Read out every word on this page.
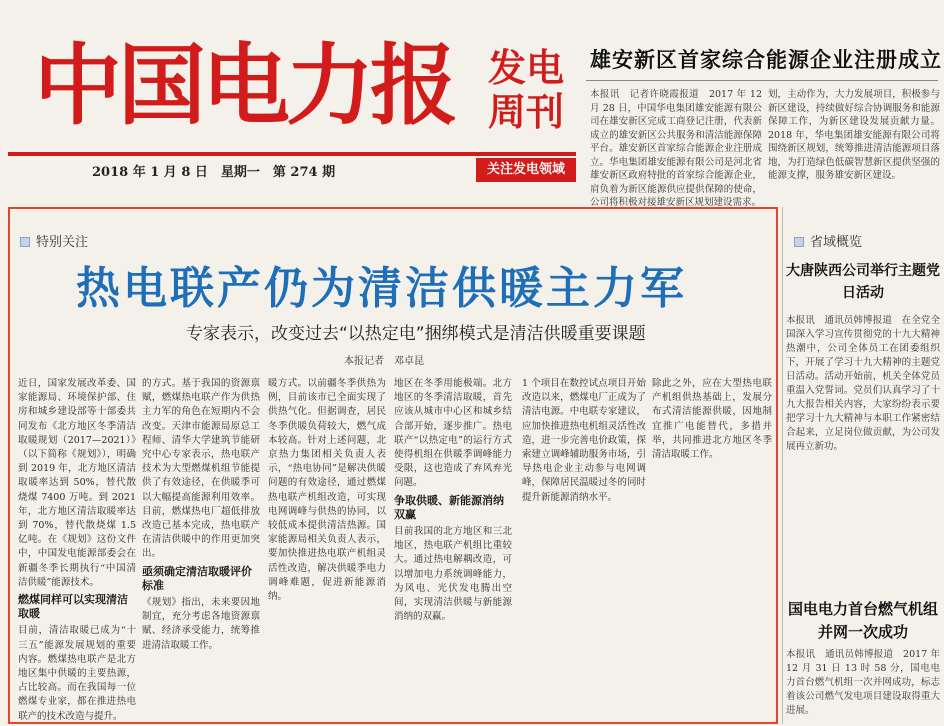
中国电力报 发电
周刊
2018 年 1 月 8 日　星期一　第 274 期	关注发电领域
雄安新区首家综合能源企业注册成立
本报讯　记者许晓霞报道　2017 年 12 月 28 日，中国华电集团雄安能源有限公司在雄安新区完成工商登记注册，代表新成立的雄安新区公共服务和清洁能源保障平台。雄安新区首家综合能源企业注册成立。华电集团雄安能源有限公司是河北省雄安新区政府特批的首家综合能源企业，肩负着为新区能源供应提供保障的使命，公司将积极对接雄安新区规划建设需求。
划，主动作为，大力发展项目，积极参与新区建设，持续做好综合协调服务和能源保障工作，为新区建设发展贡献力量。2018 年，华电集团雄安能源有限公司将围绕新区规划，统筹推进清洁能源项目落地，为打造绿色低碳智慧新区提供坚强的能源支撑，服务雄安新区建设。
特别关注
热电联产仍为清洁供暖主力军
专家表示，改变过去“以热定电”捆绑模式是清洁供暖重要课题
本报记者　邓卓昆
近日，国家发展改革委、国家能源局、环境保护部、住房和城乡建设部等十部委共同发布《北方地区冬季清洁取暖规划（2017—2021）》（以下简称《规划》），明确到 2019 年，北方地区清洁取暖率达到 50%，替代散烧煤 7400 万吨。到 2021 年，北方地区清洁取暖率达到 70%，替代散烧煤 1.5 亿吨。在《规划》这份文件中，中国发电能源部委会在新疆冬季长期执行“中国清洁供暖”能源技术。
燃煤同样可以实现清洁取暖
目前，清洁取暖已成为“十三五”能源发展规划的重要内容。燃煤热电联产是北方地区集中供暖的主要热源，占比较高。而在我国每一位燃煤专业家，都在推进热电联产的技术改造与提升。
的方式。基于我国的资源禀赋，燃煤热电联产作为供热主力军的角色在短期内不会改变。天津市能源局原总工程师、清华大学建筑节能研究中心专家表示，热电联产技术为大型燃煤机组节能提供了有效途径，在供暖季可以大幅提高能源利用效率。目前，燃煤热电厂超低排放改造已基本完成，热电联产在清洁供暖中的作用更加突出。
亟须确定清洁取暖评价标准
《规划》指出，未来要因地制宜，充分考虑各地资源禀赋、经济承受能力，统筹推进清洁取暖工作。
暖方式。以前疆冬季供热为例，目前该市已全面实现了供热气化。但据调查，居民冬季供暖负荷较大，燃气成本较高。针对上述问题，北京热力集团相关负责人表示，“热电协同”是解决供暖问题的有效途径，通过燃煤热电联产机组改造，可实现电网调峰与供热的协同，以较低成本提供清洁热源。国家能源局相关负责人表示，要加快推进热电联产机组灵活性改造，解决供暖季电力调峰难题，促进新能源消纳。
地区在冬季用能极端。北方地区的冬季清洁取暖，首先应该从城市中心区和城乡结合部开始，逐步推广。热电联产“以热定电”的运行方式使得机组在供暖季调峰能力受限，这也造成了弃风弃光问题。
争取供暖、新能源消纳双赢
目前我国的北方地区和三北地区，热电联产机组比重较大。通过热电解耦改造，可以增加电力系统调峰能力，为风电、光伏发电腾出空间，实现清洁供暖与新能源消纳的双赢。
1 个项目在数控试点项目开始改造以来，燃煤电厂正成为了清洁电源。中电联专家建议，应加快推进热电机组灵活性改造，进一步完善电价政策，探索建立调峰辅助服务市场，引导热电企业主动参与电网调峰，保障居民温暖过冬的同时提升新能源消纳水平。
除此之外，应在大型热电联产机组供热基础上，发展分布式清洁能源供暖，因地制宜推广电能替代，多措并举，共同推进北方地区冬季清洁取暖工作。
省域概览
大唐陕西公司举行主题党日活动
本报讯　通讯员韩博报道　在全党全国深入学习宣传贯彻党的十九大精神热潮中，公司全体员工在团委组织下，开展了学习十九大精神的主题党日活动。活动开始前，机关全体党员重温入党誓词。党员们认真学习了十九大报告相关内容，大家纷纷表示要把学习十九大精神与本职工作紧密结合起来，立足岗位做贡献，为公司发展再立新功。
国电电力首台燃气机组并网一次成功
本报讯　通讯员韩博报道　2017 年 12 月 31 日 13 时 58 分，国电电力首台燃气机组一次并网成功，标志着该公司燃气发电项目建设取得重大进展。
